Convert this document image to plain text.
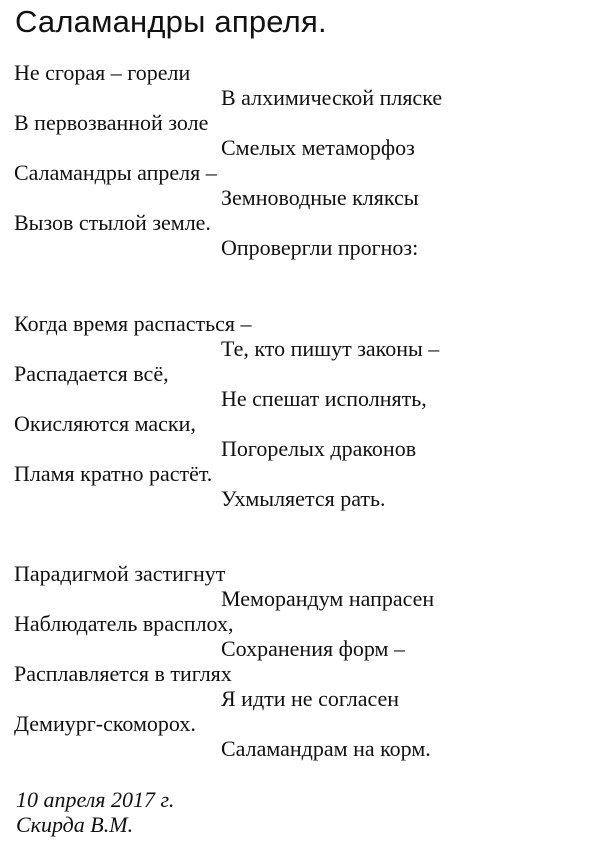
Саламандры апреля.
Не сгорая – горели
В алхимической пляске
В первозванной золе
Смелых метаморфоз
Саламандры апреля –
Земноводные кляксы
Вызов стылой земле.
Опровергли прогноз:
Когда время распасться –
Те, кто пишут законы –
Распадается всё,
Не спешат исполнять,
Окисляются маски,
Погорелых драконов
Пламя кратно растёт.
Ухмыляется рать.
Парадигмой застигнут
Меморандум напрасен
Наблюдатель врасплох,
Сохранения форм –
Расплавляется в тиглях
Я идти не согласен
Демиург-скоморох.
Саламандрам на корм.
10 апреля 2017 г.
Скирда В.М.
